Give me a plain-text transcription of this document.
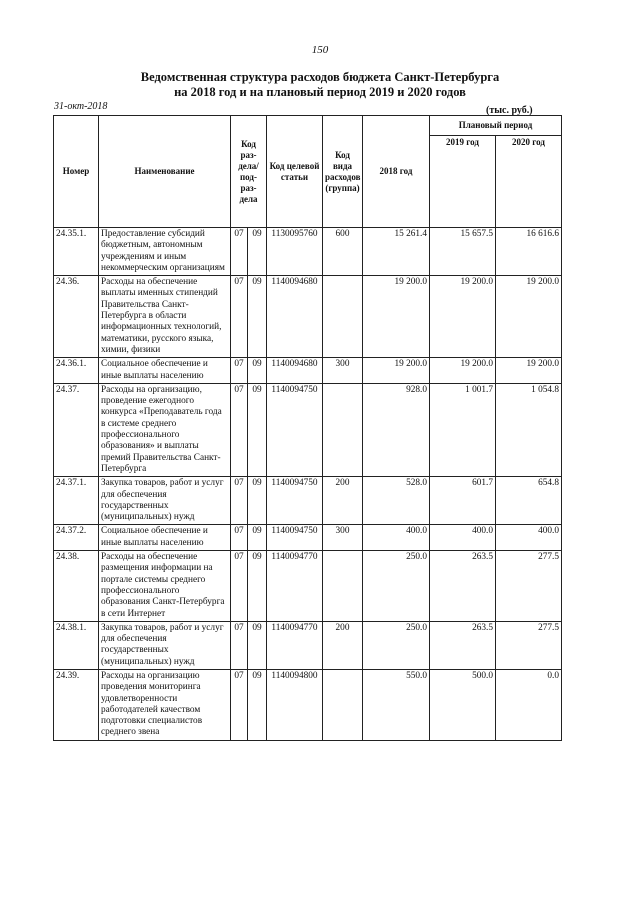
150
Ведомственная структура расходов бюджета Санкт-Петербурга
на 2018 год и на плановый период 2019 и 2020 годов
31-окт-2018	(тыс. руб.)
Номер	Наименование	Код раз-дела/ под-раз-дела		Код целевой статьи	Код вида расходов (группа)	2018 год	Плановый период	
							2019 год	2020 год
24.35.1.	Предоставление субсидий бюджетным, автономным учреждениям и иным некоммерческим организациям	07	09	1130095760	600	15 261.4	15 657.5	16 616.6
24.36.	Расходы на обеспечение выплаты именных стипендий Правительства Санкт-Петербурга в области информационных технологий, математики, русского языка, химии, физики	07	09	1140094680		19 200.0	19 200.0	19 200.0
24.36.1.	Социальное обеспечение и иные выплаты населению	07	09	1140094680	300	19 200.0	19 200.0	19 200.0
24.37.	Расходы на организацию, проведение ежегодного конкурса «Преподаватель года в системе среднего профессионального образования» и выплаты премий Правительства Санкт-Петербурга	07	09	1140094750		928.0	1 001.7	1 054.8
24.37.1.	Закупка товаров, работ и услуг для обеспечения государственных (муниципальных) нужд	07	09	1140094750	200	528.0	601.7	654.8
24.37.2.	Социальное обеспечение и иные выплаты населению	07	09	1140094750	300	400.0	400.0	400.0
24.38.	Расходы на обеспечение размещения информации на портале системы среднего профессионального образования Санкт-Петербурга в сети Интернет	07	09	1140094770		250.0	263.5	277.5
24.38.1.	Закупка товаров, работ и услуг для обеспечения государственных (муниципальных) нужд	07	09	1140094770	200	250.0	263.5	277.5
24.39.	Расходы на организацию проведения мониторинга удовлетворенности работодателей качеством подготовки специалистов среднего звена	07	09	1140094800		550.0	500.0	0.0
